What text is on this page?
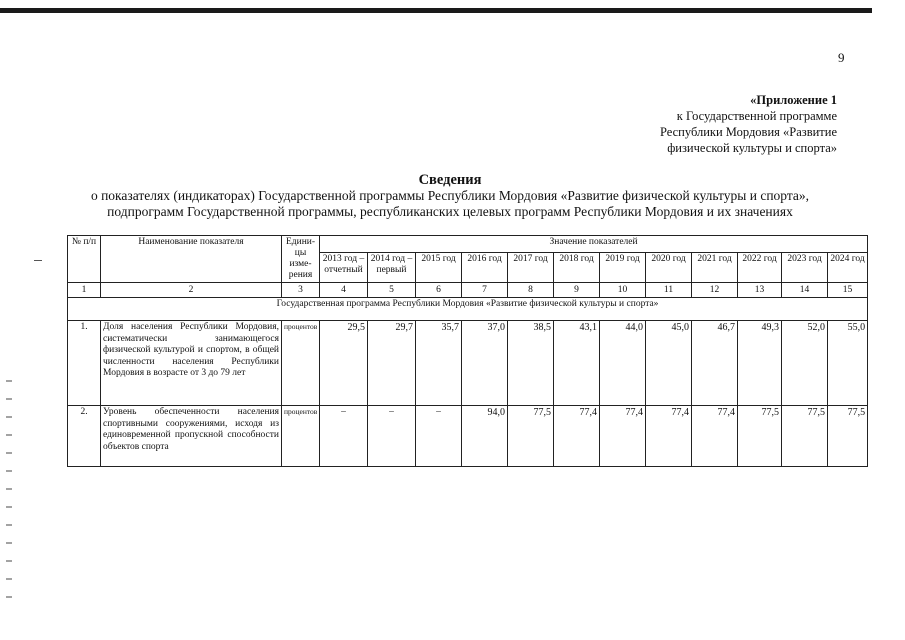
9
«Приложение 1
к Государственной программе
Республики Мордовия «Развитие
физической культуры и спорта»
Сведения
о показателях (индикаторах) Государственной программы Республики Мордовия «Развитие физической культуры и спорта», подпрограмм Государственной программы, республиканских целевых программ Республики Мордовия и их значениях
№ п/п	Наименование показателя	Едини-цы изме-рения	Значение показателей											
			2013 год – отчетный	2014 год – первый	2015 год	2016 год	2017 год	2018 год	2019 год	2020 год	2021 год	2022 год	2023 год	2024 год
1	2	3	4	5	6	7	8	9	10	11	12	13	14	15
Государственная программа Республики Мордовия «Развитие физической культуры и спорта»														
1.	Доля населения Республики Мордовия, систематически занимающегося физической культурой и спортом, в общей численности населения Республики Мордовия в возрасте от 3 до 79 лет	процентов	29,5	29,7	35,7	37,0	38,5	43,1	44,0	45,0	46,7	49,3	52,0	55,0
2.	Уровень обеспеченности населения спортивными сооружениями, исходя из единовременной пропускной способности объектов спорта	процентов	–	–	–	94,0	77,5	77,4	77,4	77,4	77,4	77,5	77,5	77,5
